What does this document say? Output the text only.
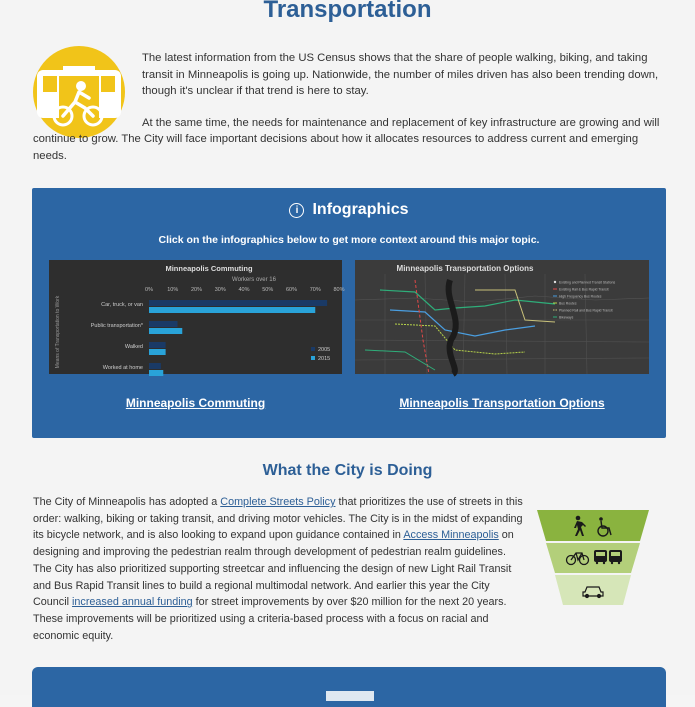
Transportation

The latest information from the US Census shows that the share of people walking, biking, and taking transit in Minneapolis is going up. Nationwide, the number of miles driven has also been trending down, though it's unclear if that trend is here to stay.

At the same time, the needs for maintenance and replacement of key infrastructure are growing and will continue to grow. The City will face important decisions about how it allocates resources to address current and emerging needs.

i Infographics
Click on the infographics below to get more context around this major topic.
Minneapolis Commuting
Workers over 16
Means of Transportation to Work
0%	10% 20% 30% 40% 50% 60% 70% 80%
Car, truck, or van
Public transportation*
Walked
Worked at home
2005
2015
Minneapolis Transportation Options
Existing and Planned Transit Stations
Existing Rail & Bus Rapid Transit
High Frequency Bus Routes
Bus Routes
Planned Rail and Bus Rapid Transit
Bikeways
Minneapolis Commuting	Minneapolis Transportation Options
What the City is Doing
The City of Minneapolis has adopted a Complete Streets Policy that prioritizes the use of streets in this order: walking, biking or taking transit, and driving motor vehicles. The City is in the midst of expanding its bicycle network, and is also looking to expand upon guidance contained in Access Minneapolis on designing and improving the pedestrian realm through development of pedestrian realm guidelines. The City has also prioritized supporting streetcar and influencing the design of new Light Rail Transit and Bus Rapid Transit lines to build a regional multimodal network. And earlier this year the City Council increased annual funding for street improvements by over $20 million for the next 20 years. These improvements will be prioritized using a criteria-based process with a focus on racial and economic equity.
